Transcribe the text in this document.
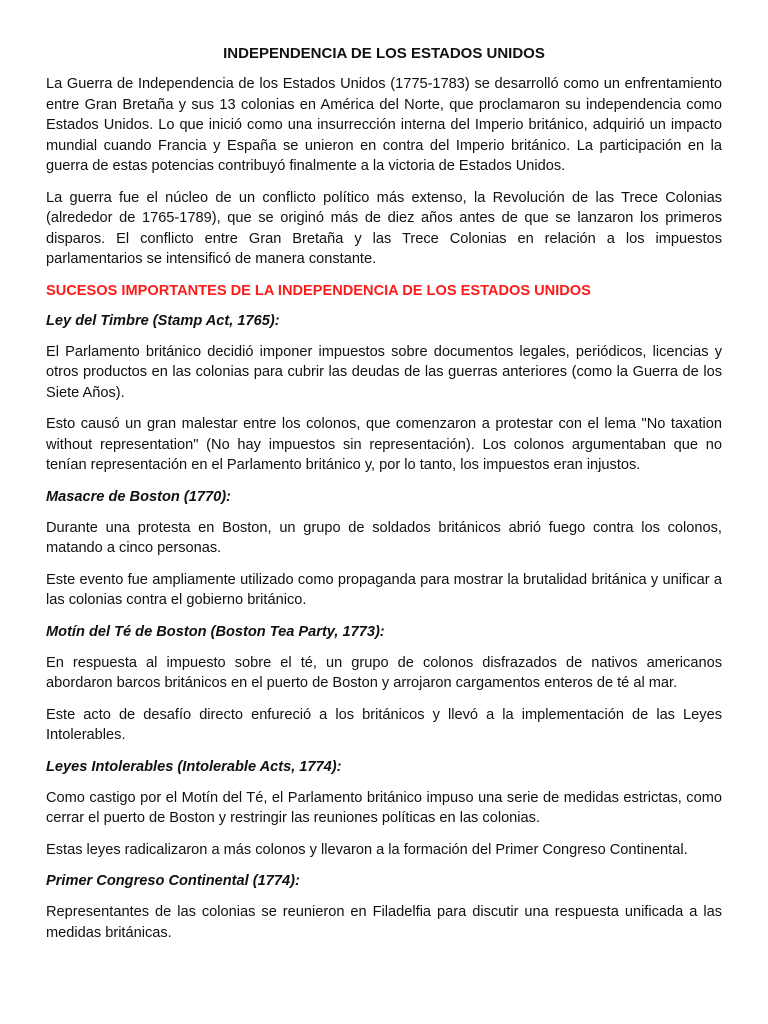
INDEPENDENCIA DE LOS ESTADOS UNIDOS

La Guerra de Independencia de los Estados Unidos (1775-1783) se desarrolló como un enfrentamiento entre Gran Bretaña y sus 13 colonias en América del Norte, que proclamaron su independencia como Estados Unidos. Lo que inició como una insurrección interna del Imperio británico, adquirió un impacto mundial cuando Francia y España se unieron en contra del Imperio británico. La participación en la guerra de estas potencias contribuyó finalmente a la victoria de Estados Unidos.

La guerra fue el núcleo de un conflicto político más extenso, la Revolución de las Trece Colonias (alrededor de 1765-1789), que se originó más de diez años antes de que se lanzaron los primeros disparos. El conflicto entre Gran Bretaña y las Trece Colonias en relación a los impuestos parlamentarios se intensificó de manera constante.

SUCESOS IMPORTANTES DE LA INDEPENDENCIA DE LOS ESTADOS UNIDOS
Ley del Timbre (Stamp Act, 1765):

El Parlamento británico decidió imponer impuestos sobre documentos legales, periódicos, licencias y otros productos en las colonias para cubrir las deudas de las guerras anteriores (como la Guerra de los Siete Años).

Esto causó un gran malestar entre los colonos, que comenzaron a protestar con el lema "No taxation without representation" (No hay impuestos sin representación). Los colonos argumentaban que no tenían representación en el Parlamento británico y, por lo tanto, los impuestos eran injustos.

Masacre de Boston (1770):

Durante una protesta en Boston, un grupo de soldados británicos abrió fuego contra los colonos, matando a cinco personas.

Este evento fue ampliamente utilizado como propaganda para mostrar la brutalidad británica y unificar a las colonias contra el gobierno británico.

Motín del Té de Boston (Boston Tea Party, 1773):

En respuesta al impuesto sobre el té, un grupo de colonos disfrazados de nativos americanos abordaron barcos británicos en el puerto de Boston y arrojaron cargamentos enteros de té al mar.

Este acto de desafío directo enfureció a los británicos y llevó a la implementación de las Leyes Intolerables.

Leyes Intolerables (Intolerable Acts, 1774):

Como castigo por el Motín del Té, el Parlamento británico impuso una serie de medidas estrictas, como cerrar el puerto de Boston y restringir las reuniones políticas en las colonias.

Estas leyes radicalizaron a más colonos y llevaron a la formación del Primer Congreso Continental.

Primer Congreso Continental (1774):

Representantes de las colonias se reunieron en Filadelfia para discutir una respuesta unificada a las medidas británicas.
